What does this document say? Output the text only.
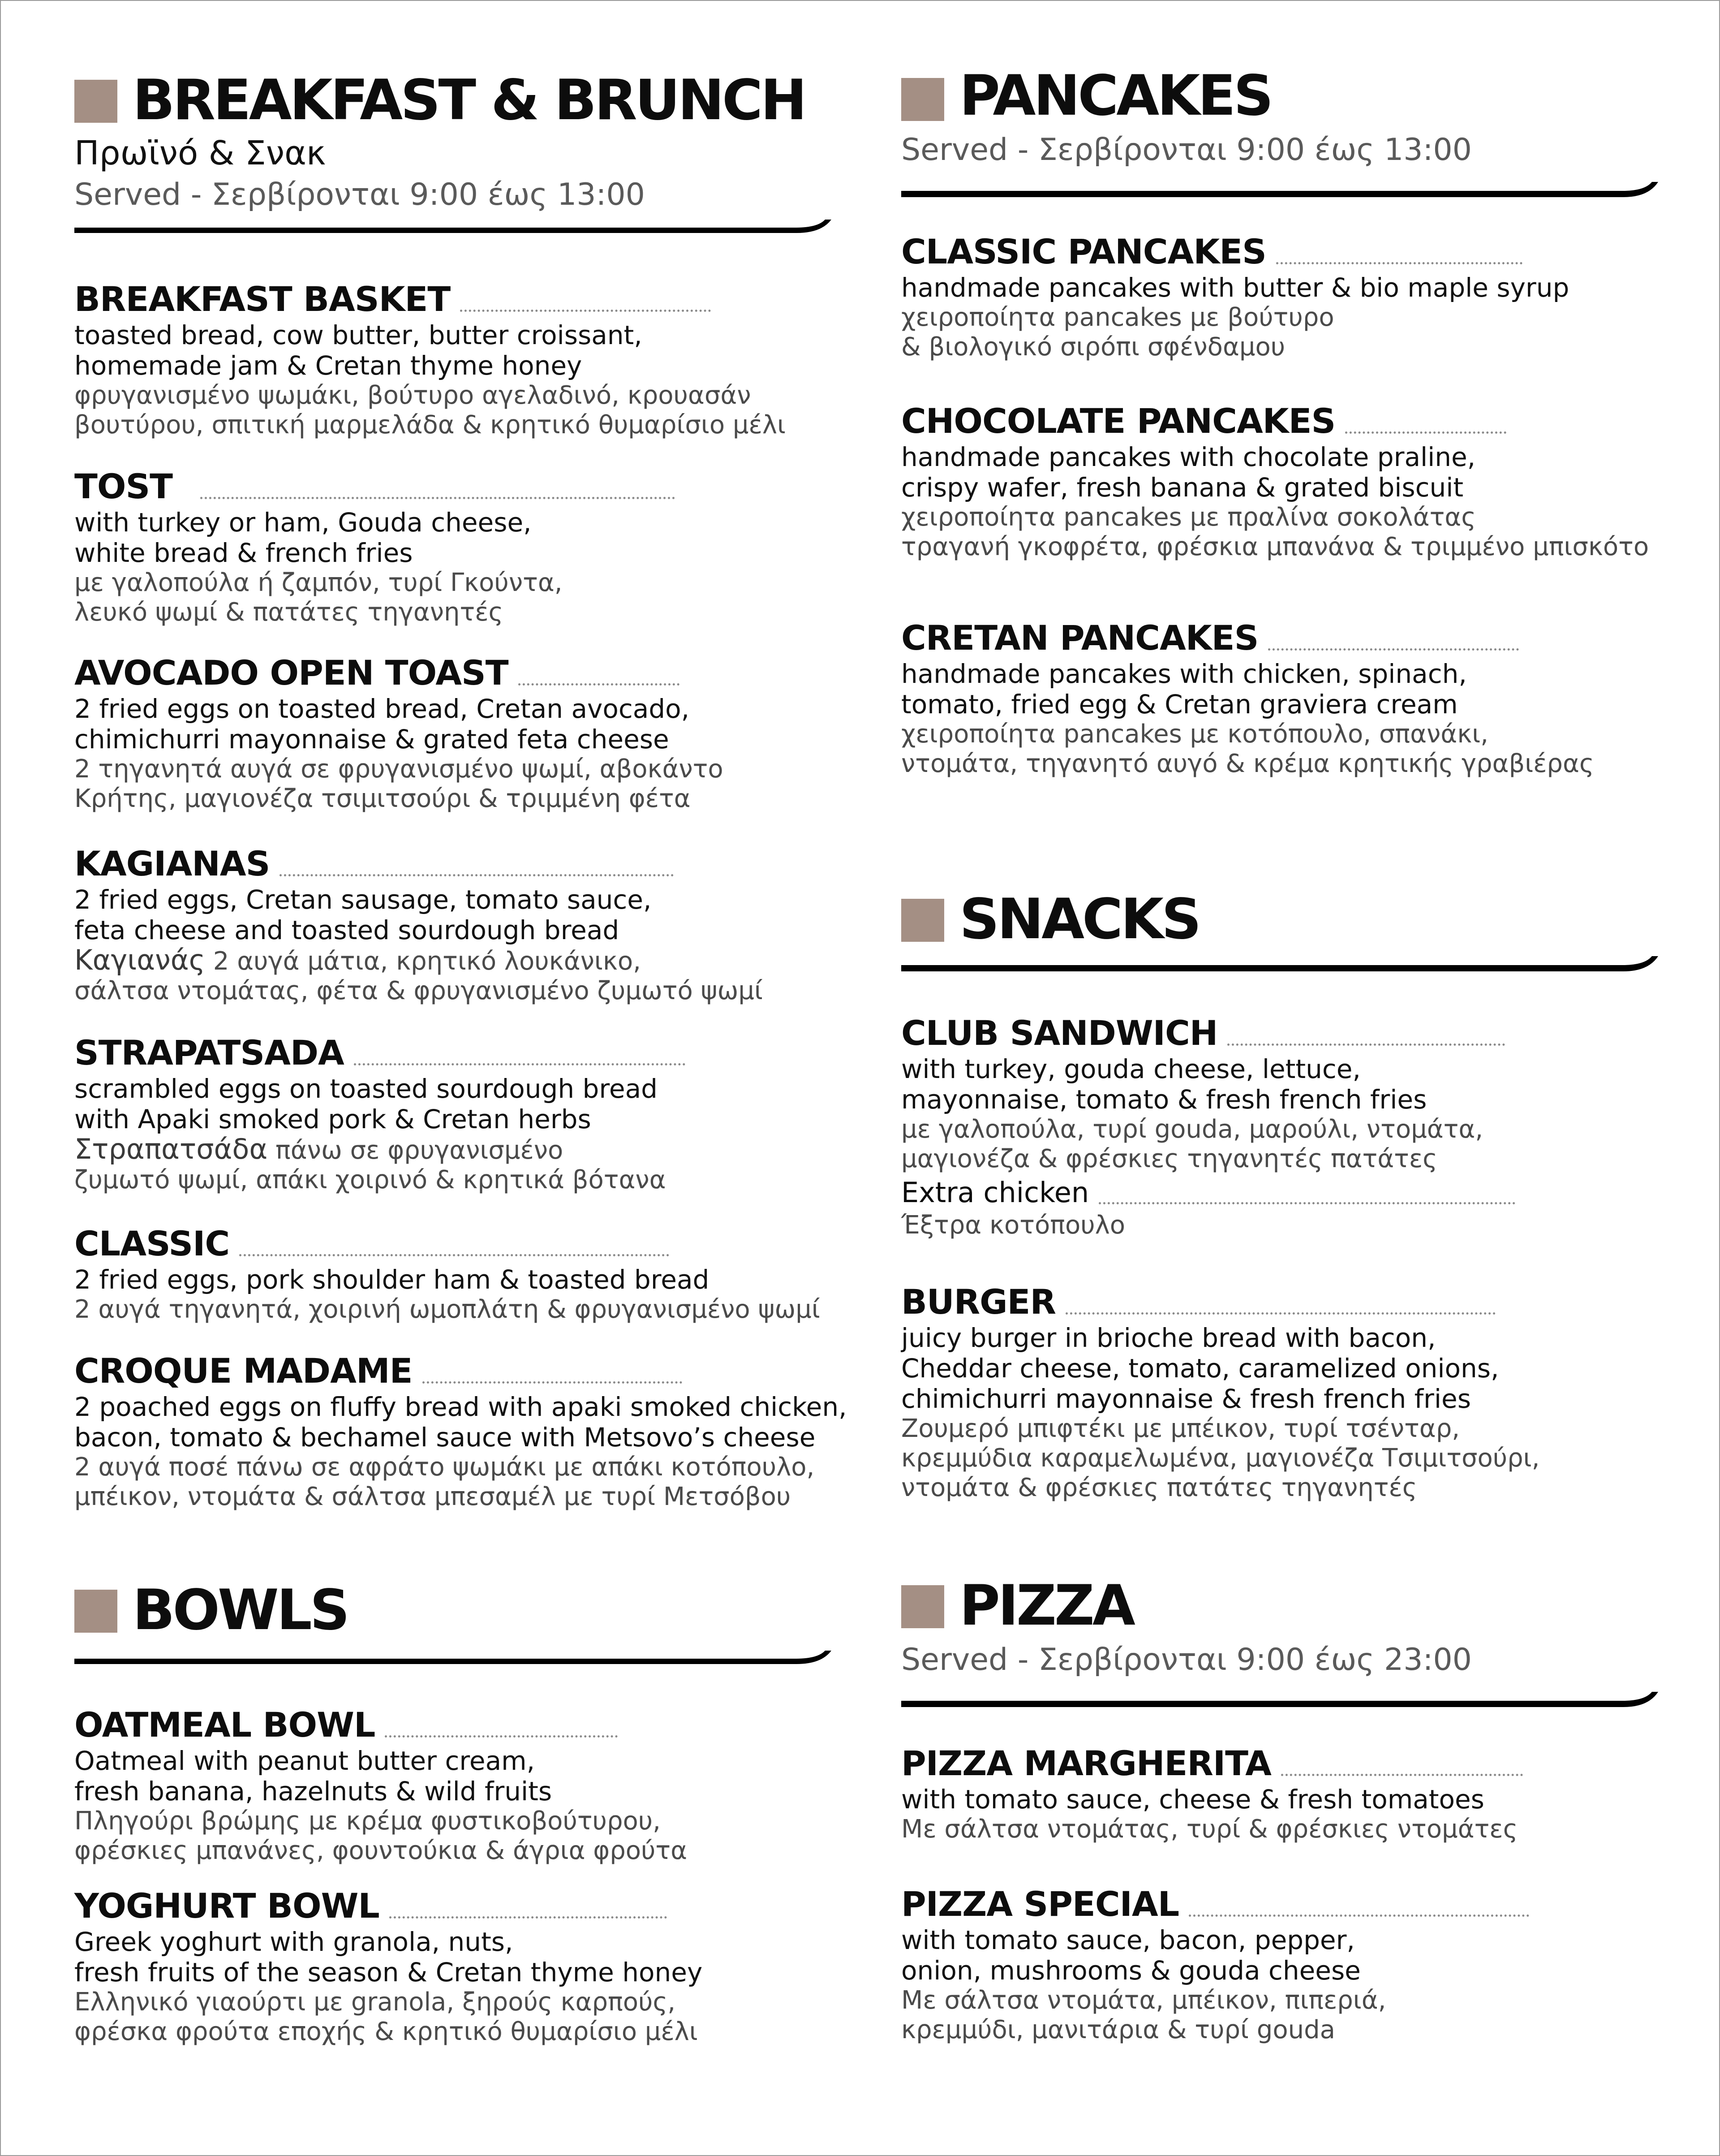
BREAKFAST & BRUNCH
Πρωϊνό & Σνακ
Served - Σερβίρονται 9:00 έως 13:00
BREAKFAST BASKET
toasted bread, cow butter, butter croissant,
homemade jam & Cretan thyme honey
φρυγανισμένο ψωμάκι, βούτυρο αγελαδινό, κρουασάν
βουτύρου, σπιτική μαρμελάδα & κρητικό θυμαρίσιο μέλι
TOST
with turkey or ham, Gouda cheese,
white bread & french fries
με γαλοπούλα ή ζαμπόν, τυρί Γκούντα,
λευκό ψωμί & πατάτες τηγανητές
AVOCADO OPEN TOAST
2 fried eggs on toasted bread, Cretan avocado,
chimichurri mayonnaise & grated feta cheese
2 τηγανητά αυγά σε φρυγανισμένο ψωμί, αβοκάντο
Κρήτης, μαγιονέζα τσιμιτσούρι & τριμμένη φέτα
KAGIANAS
2 fried eggs, Cretan sausage, tomato sauce,
feta cheese and toasted sourdough bread
Καγιανάς 2 αυγά μάτια, κρητικό λουκάνικο,
σάλτσα ντομάτας, φέτα & φρυγανισμένο ζυμωτό ψωμί
STRAPATSADA
scrambled eggs on toasted sourdough bread
with Apaki smoked pork & Cretan herbs
Στραπατσάδα πάνω σε φρυγανισμένο
ζυμωτό ψωμί, απάκι χοιρινό & κρητικά βότανα
CLASSIC
2 fried eggs, pork shoulder ham & toasted bread
2 αυγά τηγανητά, χοιρινή ωμοπλάτη & φρυγανισμένο ψωμί
CROQUE MADAME
2 poached eggs on fluffy bread with apaki smoked chicken,
bacon, tomato & bechamel sauce with Metsovo’s cheese
2 αυγά ποσέ πάνω σε αφράτο ψωμάκι με απάκι κοτόπουλο,
μπέικον, ντομάτα & σάλτσα μπεσαμέλ με τυρί Μετσόβου
BOWLS
OATMEAL BOWL
Oatmeal with peanut butter cream,
fresh banana, hazelnuts & wild fruits
Πληγούρι βρώμης με κρέμα φυστικοβούτυρου,
φρέσκιες μπανάνες, φουντούκια & άγρια φρούτα
YOGHURT BOWL
Greek yoghurt with granola, nuts,
fresh fruits of the season & Cretan thyme honey
Ελληνικό γιαούρτι με granola, ξηρούς καρπούς,
φρέσκα φρούτα εποχής & κρητικό θυμαρίσιο μέλι
PANCAKES
Served - Σερβίρονται 9:00 έως 13:00
CLASSIC PANCAKES
handmade pancakes with butter & bio maple syrup
χειροποίητα pancakes με βούτυρο
& βιολογικό σιρόπι σφένδαμου
CHOCOLATE PANCAKES
handmade pancakes with chocolate praline,
crispy wafer, fresh banana & grated biscuit
χειροποίητα pancakes με πραλίνα σοκολάτας
τραγανή γκοφρέτα, φρέσκια μπανάνα & τριμμένο μπισκότο
CRETAN PANCAKES
handmade pancakes with chicken, spinach,
tomato, fried egg & Cretan graviera cream
χειροποίητα pancakes με κοτόπουλο, σπανάκι,
ντομάτα, τηγανητό αυγό & κρέμα κρητικής γραβιέρας
SNACKS
CLUB SANDWICH
with turkey, gouda cheese, lettuce,
mayonnaise, tomato & fresh french fries
με γαλοπούλα, τυρί gouda, μαρούλι, ντομάτα,
μαγιονέζα & φρέσκιες τηγανητές πατάτες
Extra chicken
Έξτρα κοτόπουλο
BURGER
juicy burger in brioche bread with bacon,
Cheddar cheese, tomato, caramelized onions,
chimichurri mayonnaise & fresh french fries
Ζουμερό μπιφτέκι με μπέικον, τυρί τσένταρ,
κρεμμύδια καραμελωμένα, μαγιονέζα Τσιμιτσούρι,
ντομάτα & φρέσκιες πατάτες τηγανητές
PIZZA
Served - Σερβίρονται 9:00 έως 23:00
PIZZA MARGHERITA
with tomato sauce, cheese & fresh tomatoes
Με σάλτσα ντομάτας, τυρί & φρέσκιες ντομάτες
PIZZA SPECIAL
with tomato sauce, bacon, pepper,
onion, mushrooms & gouda cheese
Με σάλτσα ντομάτα, μπέικον, πιπεριά,
κρεμμύδι, μανιτάρια & τυρί gouda
